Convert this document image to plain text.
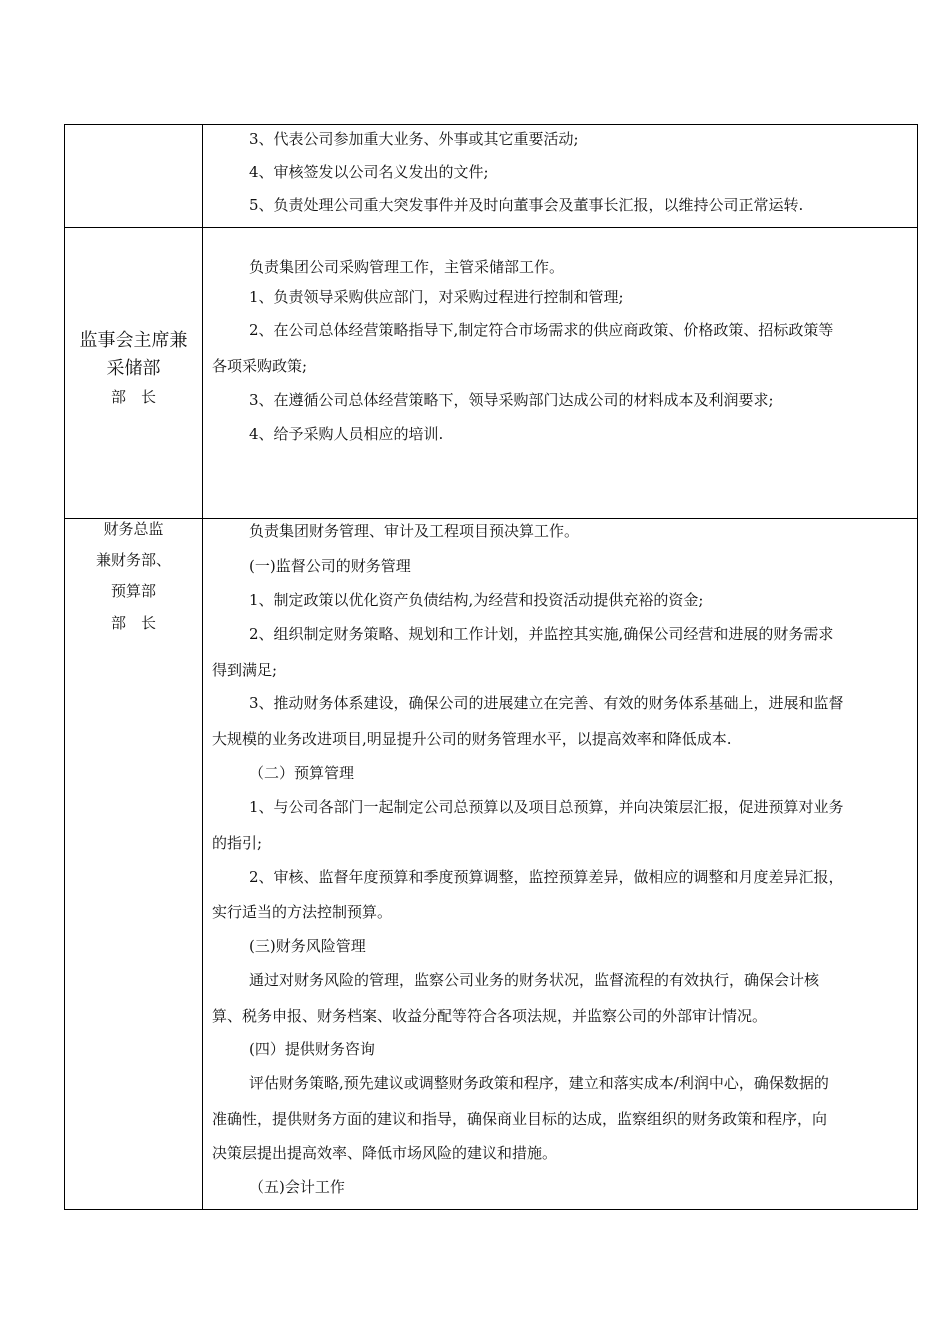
3、代表公司参加重大业务、外事或其它重要活动;
4、审核签发以公司名义发出的文件;
5、负责处理公司重大突发事件并及时向董事会及董事长汇报，以维持公司正常运转.
监事会主席兼
采储部
部　长
负责集团公司采购管理工作，主管采储部工作。
1、负责领导采购供应部门，对采购过程进行控制和管理;
2、在公司总体经营策略指导下,制定符合市场需求的供应商政策、价格政策、招标政策等
各项采购政策;
3、在遵循公司总体经营策略下，领导采购部门达成公司的材料成本及利润要求;
4、给予采购人员相应的培训.
财务总监
兼财务部、
预算部
部　长
负责集团财务管理、审计及工程项目预决算工作。
(一)监督公司的财务管理
1、制定政策以优化资产负债结构,为经营和投资活动提供充裕的资金;
2、组织制定财务策略、规划和工作计划，并监控其实施,确保公司经营和进展的财务需求
得到满足;
3、推动财务体系建设，确保公司的进展建立在完善、有效的财务体系基础上，进展和监督
大规模的业务改进项目,明显提升公司的财务管理水平，以提高效率和降低成本.
（二）预算管理
1、与公司各部门一起制定公司总预算以及项目总预算，并向决策层汇报，促进预算对业务
的指引;
2、审核、监督年度预算和季度预算调整，监控预算差异，做相应的调整和月度差异汇报，
实行适当的方法控制预算。
(三)财务风险管理
通过对财务风险的管理，监察公司业务的财务状况，监督流程的有效执行，确保会计核
算、税务申报、财务档案、收益分配等符合各项法规，并监察公司的外部审计情况。
(四）提供财务咨询
评估财务策略,预先建议或调整财务政策和程序，建立和落实成本/利润中心，确保数据的
准确性，提供财务方面的建议和指导，确保商业目标的达成，监察组织的财务政策和程序，向
决策层提出提高效率、降低市场风险的建议和措施。
（五)会计工作
